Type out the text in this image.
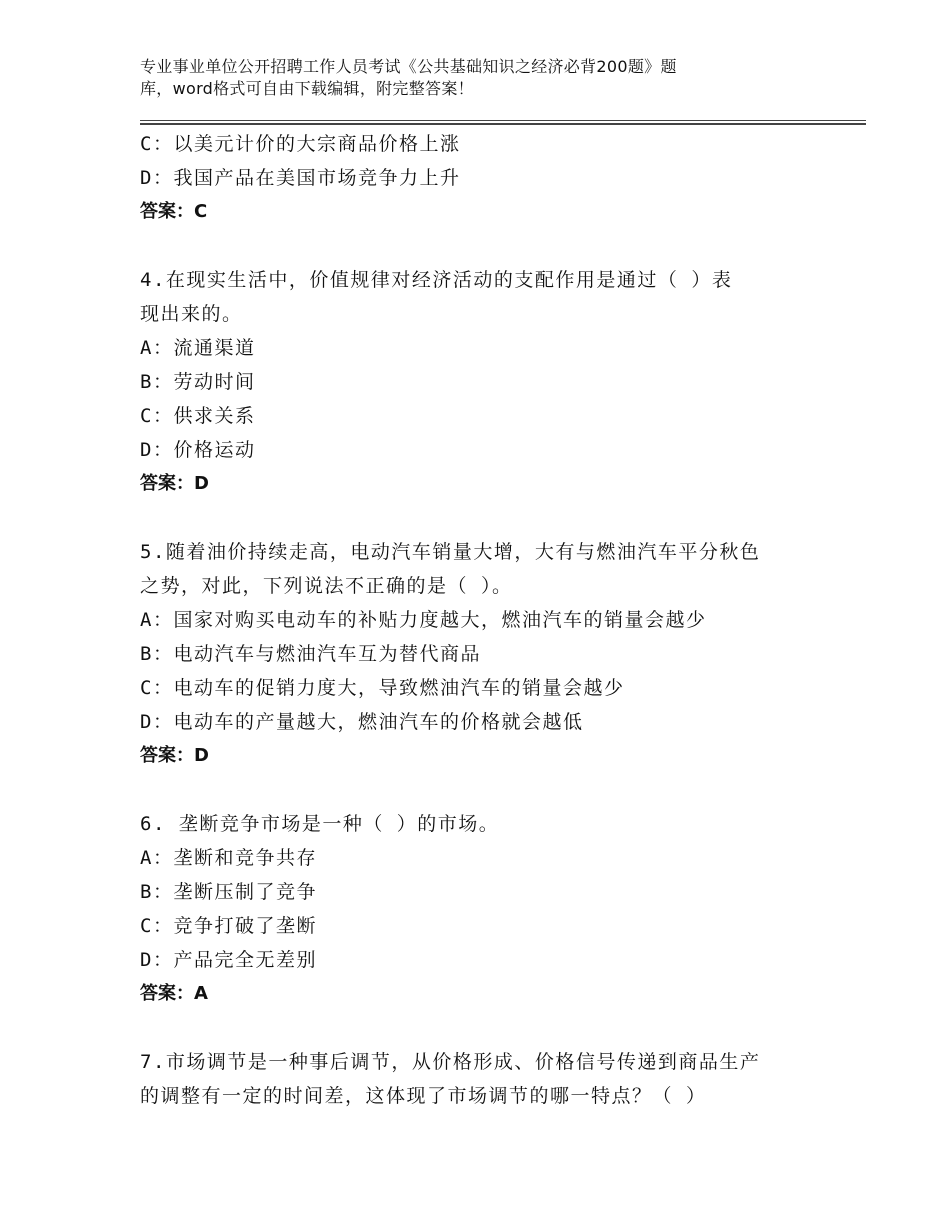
专业事业单位公开招聘工作人员考试《公共基础知识之经济必背200题》题
库，word格式可自由下载编辑，附完整答案！
C：以美元计价的大宗商品价格上涨
D：我国产品在美国市场竞争力上升
答案：C
4.在现实生活中，价值规律对经济活动的支配作用是通过（ ）表
现出来的。
A：流通渠道
B：劳动时间
C：供求关系
D：价格运动
答案：D
5.随着油价持续走高，电动汽车销量大增，大有与燃油汽车平分秋色
之势，对此，下列说法不正确的是（ ）。
A：国家对购买电动车的补贴力度越大，燃油汽车的销量会越少
B：电动汽车与燃油汽车互为替代商品
C：电动车的促销力度大，导致燃油汽车的销量会越少
D：电动车的产量越大，燃油汽车的价格就会越低
答案：D
6. 垄断竞争市场是一种（ ）的市场。
A：垄断和竞争共存
B：垄断压制了竞争
C：竞争打破了垄断
D：产品完全无差别
答案：A
7.市场调节是一种事后调节，从价格形成、价格信号传递到商品生产
的调整有一定的时间差，这体现了市场调节的哪一特点？（ ）
